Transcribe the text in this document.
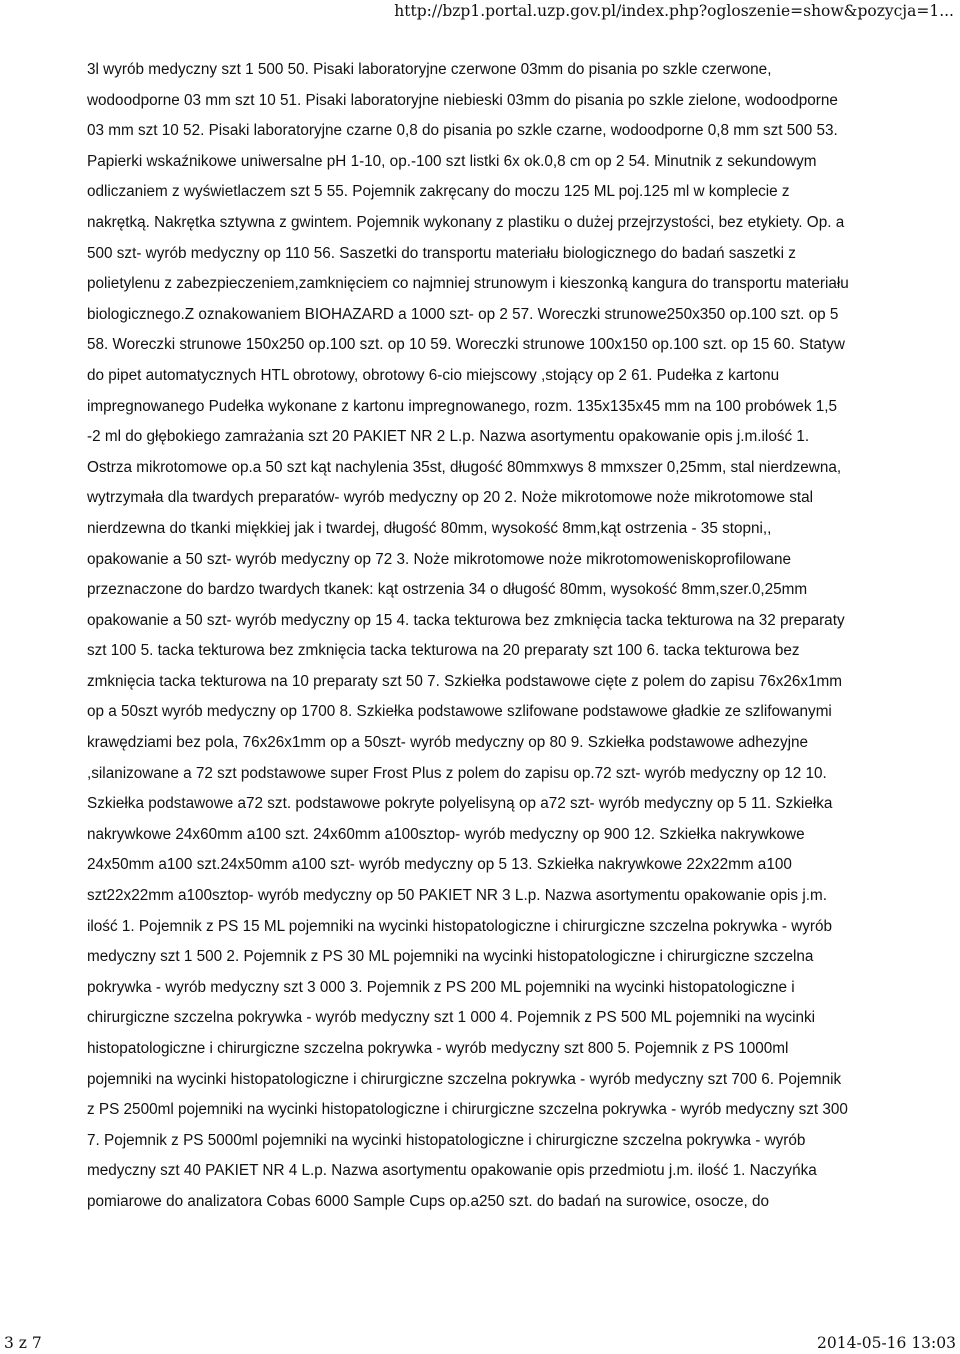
http://bzp1.portal.uzp.gov.pl/index.php?ogloszenie=show&pozycja=1...
3l wyrób medyczny szt 1 500 50. Pisaki laboratoryjne czerwone 03mm do pisania po szkle czerwone,
wodoodporne 03 mm szt 10 51. Pisaki laboratoryjne niebieski 03mm do pisania po szkle zielone, wodoodporne
03 mm szt 10 52. Pisaki laboratoryjne czarne 0,8 do pisania po szkle czarne, wodoodporne 0,8 mm szt 500 53.
Papierki wskaźnikowe uniwersalne pH 1-10, op.-100 szt listki 6x ok.0,8 cm op 2 54. Minutnik z sekundowym
odliczaniem z wyświetlaczem szt 5 55. Pojemnik zakręcany do moczu 125 ML poj.125 ml w komplecie z
nakrętką. Nakrętka sztywna z gwintem. Pojemnik wykonany z plastiku o dużej przejrzystości, bez etykiety. Op. a
500 szt- wyrób medyczny op 110 56. Saszetki do transportu materiału biologicznego do badań saszetki z
polietylenu z zabezpieczeniem,zamknięciem co najmniej strunowym i kieszonką kangura do transportu materiału
biologicznego.Z oznakowaniem BIOHAZARD a 1000 szt- op 2 57. Woreczki strunowe250x350 op.100 szt. op 5
58. Woreczki strunowe 150x250 op.100 szt. op 10 59. Woreczki strunowe 100x150 op.100 szt. op 15 60. Statyw
do pipet automatycznych HTL obrotowy, obrotowy 6-cio miejscowy ,stojący op 2 61. Pudełka z kartonu
impregnowanego Pudełka wykonane z kartonu impregnowanego, rozm. 135x135x45 mm na 100 probówek 1,5
-2 ml do głębokiego zamrażania szt 20 PAKIET NR 2 L.p. Nazwa asortymentu opakowanie opis j.m.ilość 1.
Ostrza mikrotomowe op.a 50 szt kąt nachylenia 35st, długość 80mmxwys 8 mmxszer 0,25mm, stal nierdzewna,
wytrzymała dla twardych preparatów- wyrób medyczny op 20 2. Noże mikrotomowe noże mikrotomowe stal
nierdzewna do tkanki miękkiej jak i twardej, długość 80mm, wysokość 8mm,kąt ostrzenia - 35 stopni,,
opakowanie a 50 szt- wyrób medyczny op 72 3. Noże mikrotomowe noże mikrotomoweniskoprofilowane
przeznaczone do bardzo twardych tkanek: kąt ostrzenia 34 o długość 80mm, wysokość 8mm,szer.0,25mm
opakowanie a 50 szt- wyrób medyczny op 15 4. tacka tekturowa bez zmknięcia tacka tekturowa na 32 preparaty
szt 100 5. tacka tekturowa bez zmknięcia tacka tekturowa na 20 preparaty szt 100 6. tacka tekturowa bez
zmknięcia tacka tekturowa na 10 preparaty szt 50 7. Szkiełka podstawowe cięte z polem do zapisu 76x26x1mm
op a 50szt wyrób medyczny op 1700 8. Szkiełka podstawowe szlifowane podstawowe gładkie ze szlifowanymi
krawędziami bez pola, 76x26x1mm op a 50szt- wyrób medyczny op 80 9. Szkiełka podstawowe adhezyjne
,silanizowane a 72 szt podstawowe super Frost Plus z polem do zapisu op.72 szt- wyrób medyczny op 12 10.
Szkiełka podstawowe a72 szt. podstawowe pokryte polyelisyną op a72 szt- wyrób medyczny op 5 11. Szkiełka
nakrywkowe 24x60mm a100 szt. 24x60mm a100sztop- wyrób medyczny op 900 12. Szkiełka nakrywkowe
24x50mm a100 szt.24x50mm a100 szt- wyrób medyczny op 5 13. Szkiełka nakrywkowe 22x22mm a100
szt22x22mm a100sztop- wyrób medyczny op 50 PAKIET NR 3 L.p. Nazwa asortymentu opakowanie opis j.m.
ilość 1. Pojemnik z PS 15 ML pojemniki na wycinki histopatologiczne i chirurgiczne szczelna pokrywka - wyrób
medyczny szt 1 500 2. Pojemnik z PS 30 ML pojemniki na wycinki histopatologiczne i chirurgiczne szczelna
pokrywka - wyrób medyczny szt 3 000 3. Pojemnik z PS 200 ML pojemniki na wycinki histopatologiczne i
chirurgiczne szczelna pokrywka - wyrób medyczny szt 1 000 4. Pojemnik z PS 500 ML pojemniki na wycinki
histopatologiczne i chirurgiczne szczelna pokrywka - wyrób medyczny szt 800 5. Pojemnik z PS 1000ml
pojemniki na wycinki histopatologiczne i chirurgiczne szczelna pokrywka - wyrób medyczny szt 700 6. Pojemnik
z PS 2500ml pojemniki na wycinki histopatologiczne i chirurgiczne szczelna pokrywka - wyrób medyczny szt 300
7. Pojemnik z PS 5000ml pojemniki na wycinki histopatologiczne i chirurgiczne szczelna pokrywka - wyrób
medyczny szt 40 PAKIET NR 4 L.p. Nazwa asortymentu opakowanie opis przedmiotu j.m. ilość 1. Naczyńka
pomiarowe do analizatora Cobas 6000 Sample Cups op.a250 szt. do badań na surowice, osocze, do
3 z 7	2014-05-16 13:03
